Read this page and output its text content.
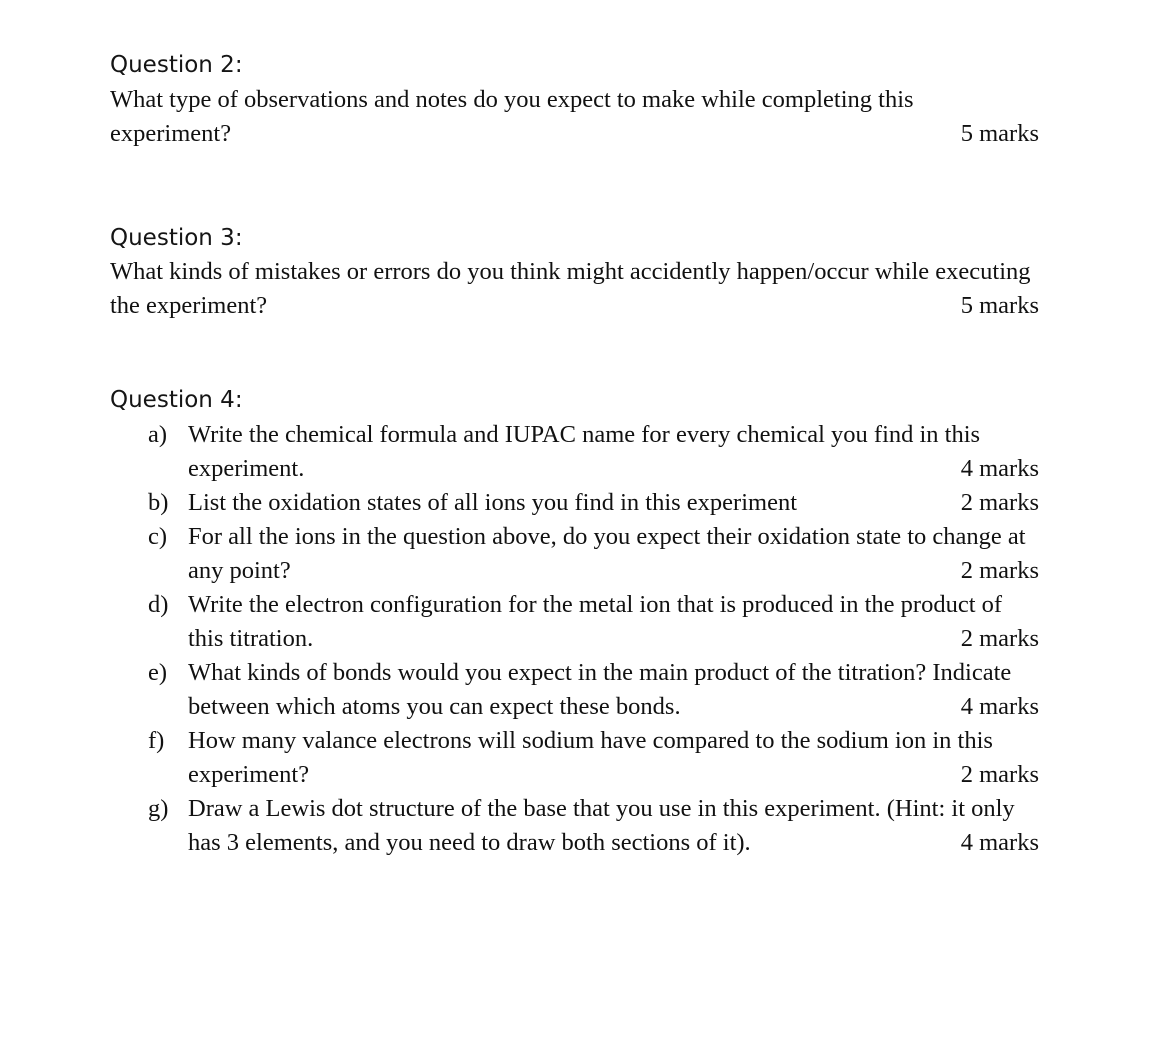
Question 2:
What type of observations and notes do you expect to make while completing this
experiment?	5 marks
Question 3:
What kinds of mistakes or errors do you think might accidently happen/occur while executing
the experiment?	5 marks
Question 4:
a) Write the chemical formula and IUPAC name for every chemical you find in this
experiment.	4 marks
b) List the oxidation states of all ions you find in this experiment	2 marks
c) For all the ions in the question above, do you expect their oxidation state to change at
any point?	2 marks
d) Write the electron configuration for the metal ion that is produced in the product of
this titration.	2 marks
e) What kinds of bonds would you expect in the main product of the titration? Indicate
between which atoms you can expect these bonds.	4 marks
f) How many valance electrons will sodium have compared to the sodium ion in this
experiment?	2 marks
g) Draw a Lewis dot structure of the base that you use in this experiment. (Hint: it only
has 3 elements, and you need to draw both sections of it).	4 marks
